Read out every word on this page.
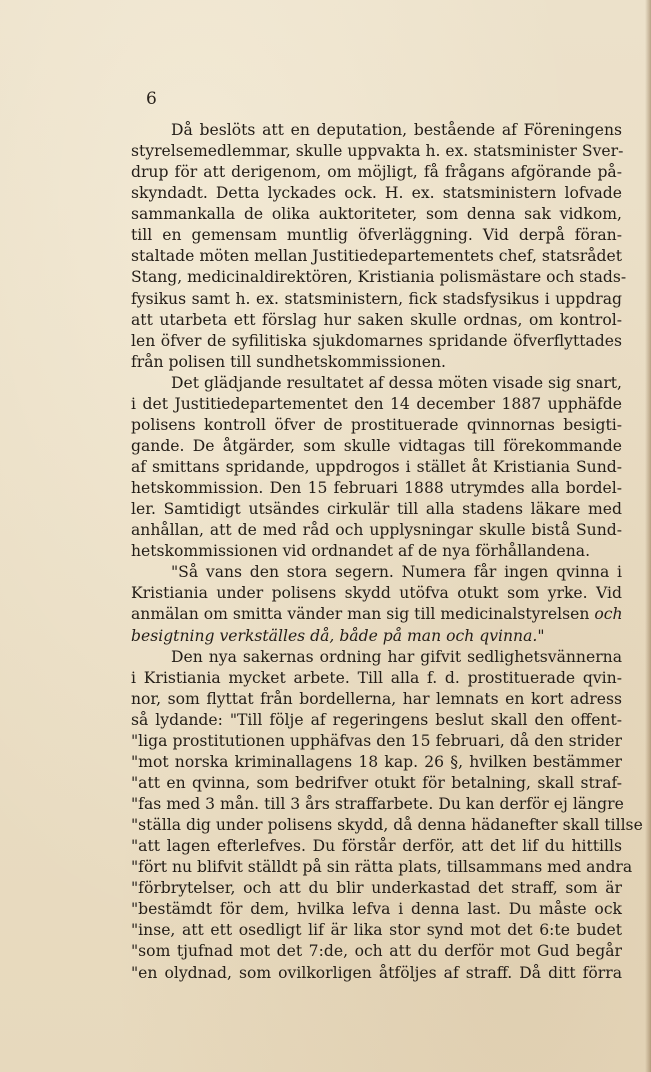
6
Då beslöts att en deputation, bestående af Föreningens
styrelsemedlemmar, skulle uppvakta h. ex. statsminister Sver-
drup för att derigenom, om möjligt, få frågans afgörande på-
skyndadt. Detta lyckades ock. H. ex. statsministern lofvade
sammankalla de olika auktoriteter, som denna sak vidkom,
till en gemensam muntlig öfverläggning. Vid derpå föran-
staltade möten mellan Justitiedepartementets chef, statsrådet
Stang, medicinaldirektören, Kristiania polismästare och stads-
fysikus samt h. ex. statsministern, fick stadsfysikus i uppdrag
att utarbeta ett förslag hur saken skulle ordnas, om kontrol-
len öfver de syfilitiska sjukdomarnes spridande öfverflyttades
från polisen till sundhetskommissionen.
Det glädjande resultatet af dessa möten visade sig snart,
i det Justitiedepartementet den 14 december 1887 upphäfde
polisens kontroll öfver de prostituerade qvinnornas besigti-
gande. De åtgärder, som skulle vidtagas till förekommande
af smittans spridande, uppdrogos i stället åt Kristiania Sund-
hetskommission. Den 15 februari 1888 utrymdes alla bordel-
ler. Samtidigt utsändes cirkulär till alla stadens läkare med
anhållan, att de med råd och upplysningar skulle bistå Sund-
hetskommissionen vid ordnandet af de nya förhållandena.
"Så vans den stora segern. Numera får ingen qvinna i
Kristiania under polisens skydd utöfva otukt som yrke. Vid
anmälan om smitta vänder man sig till medicinalstyrelsen och
besigtning verkställes då, både på man och qvinna."
Den nya sakernas ordning har gifvit sedlighetsvännerna
i Kristiania mycket arbete. Till alla f. d. prostituerade qvin-
nor, som flyttat från bordellerna, har lemnats en kort adress
så lydande: "Till följe af regeringens beslut skall den offent-
"liga prostitutionen upphäfvas den 15 februari, då den strider
"mot norska kriminallagens 18 kap. 26 §, hvilken bestämmer
"att en qvinna, som bedrifver otukt för betalning, skall straf-
"fas med 3 mån. till 3 års straffarbete. Du kan derför ej längre
"ställa dig under polisens skydd, då denna hädanefter skall tillse
"att lagen efterlefves. Du förstår derför, att det lif du hittills
"fört nu blifvit ställdt på sin rätta plats, tillsammans med andra
"förbrytelser, och att du blir underkastad det straff, som är
"bestämdt för dem, hvilka lefva i denna last. Du måste ock
"inse, att ett osedligt lif är lika stor synd mot det 6:te budet
"som tjufnad mot det 7:de, och att du derför mot Gud begår
"en olydnad, som ovilkorligen åtföljes af straff. Då ditt förra
